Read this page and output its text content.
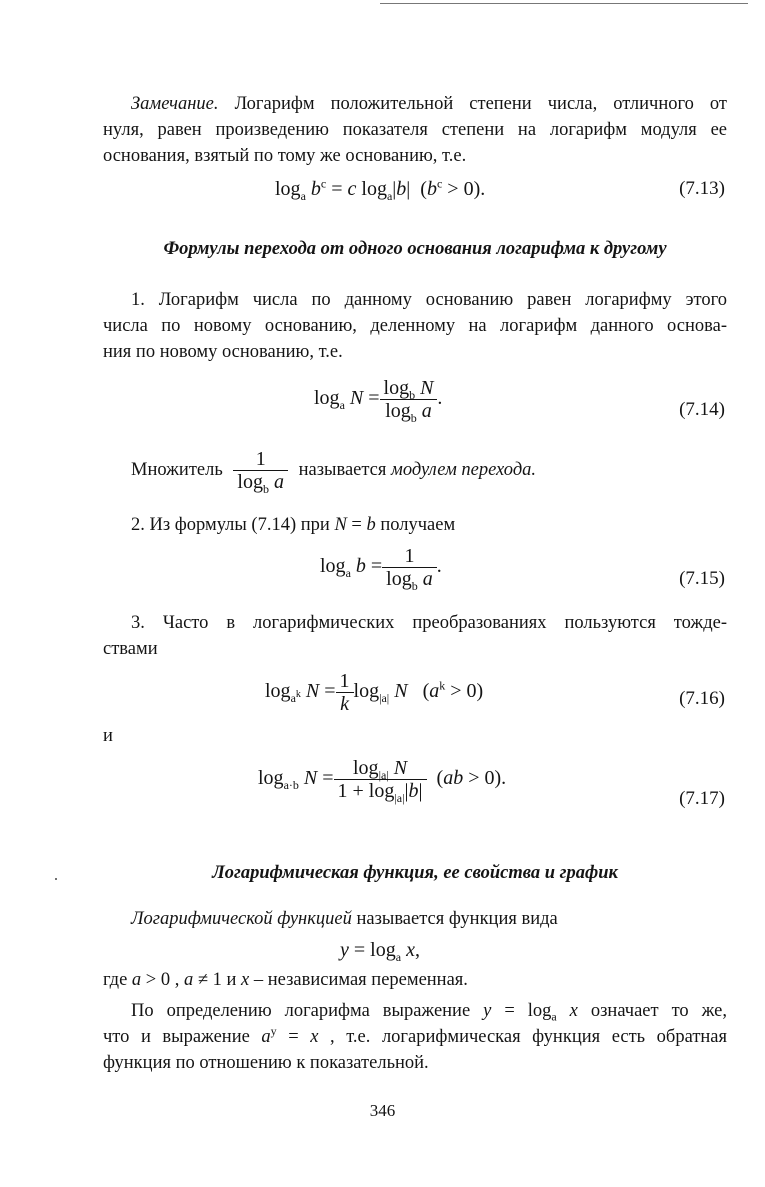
Замечание. Логарифм положительной степени числа, отличного от
нуля, равен произведению показателя степени на логарифм модуля ее
основания, взятый по тому же основанию, т.е.
$\log_a b^c = c$ $\log_a|b|$  $(b^c > 0)$.	(7.13)
Формулы перехода от одного основания логарифма к другому
1. Логарифм числа по данному основанию равен логарифму этого
числа по новому основанию, деленному на логарифм данного основа-
ния по новому основанию, т.е.
$\log_a N = \frac{\log_b N}{\log_b a}$ .
(7.14)
Множитель $\frac{1}{\log_b a}$ называется модулем перехода.
2. Из формулы (7.14) при N = b получаем
$\log_a b = \frac{1}{\log_b a}$ .
(7.15)
3. Часто в логарифмических преобразованиях пользуются тожде-
ствами
$\log_{a^k} N = \frac{1}{k} \log_{|a|} N$   $(a^k > 0)$	(7.16)
и
$\log_{a\cdot b} N = \frac{\log_{|a|} N}{1 + \log_{|a|}|b|} (ab > 0)$.
(7.17)
Логарифмическая функция, ее свойства и график
Логарифмической функцией называется функция вида
$y = \log_a x$,
где a > 0 , a ≠ 1 и x – независимая переменная.
По определению логарифма выражение $y = \log_a x$ означает то же,
что и выражение $a^y = x$ , т.е. логарифмическая функция есть обратная
функция по отношению к показательной.
346
